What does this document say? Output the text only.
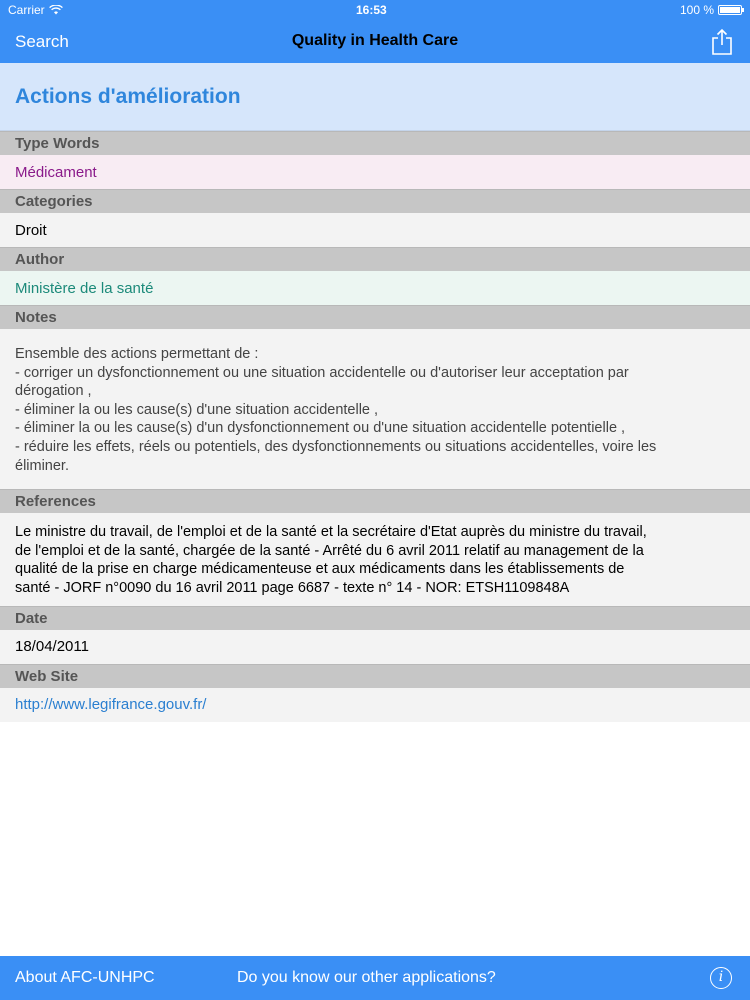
Carrier	16:53	100 %
Search	Quality in Health Care
Actions d'amélioration
Type Words
Médicament
Categories
Droit
Author
Ministère de la santé
Notes
Ensemble des actions permettant de :
- corriger un dysfonctionnement ou une situation accidentelle ou d'autoriser leur acceptation par
dérogation ,
- éliminer la ou les cause(s) d'une situation accidentelle ,
- éliminer la ou les cause(s) d'un dysfonctionnement ou d'une situation accidentelle potentielle ,
- réduire les effets, réels ou potentiels, des dysfonctionnements ou situations accidentelles, voire les
éliminer.
References
Le ministre du travail, de l'emploi et de la santé et la secrétaire d'Etat auprès du ministre du travail,
de l'emploi et de la santé, chargée de la santé - Arrêté du 6 avril 2011 relatif au management de la
qualité de la prise en charge médicamenteuse et aux médicaments dans les établissements de
santé - JORF n°0090 du 16 avril 2011 page 6687 - texte n° 14 - NOR: ETSH1109848A
Date
18/04/2011
Web Site
http://www.legifrance.gouv.fr/
About AFC-UNHPC	Do you know our other applications?	i
